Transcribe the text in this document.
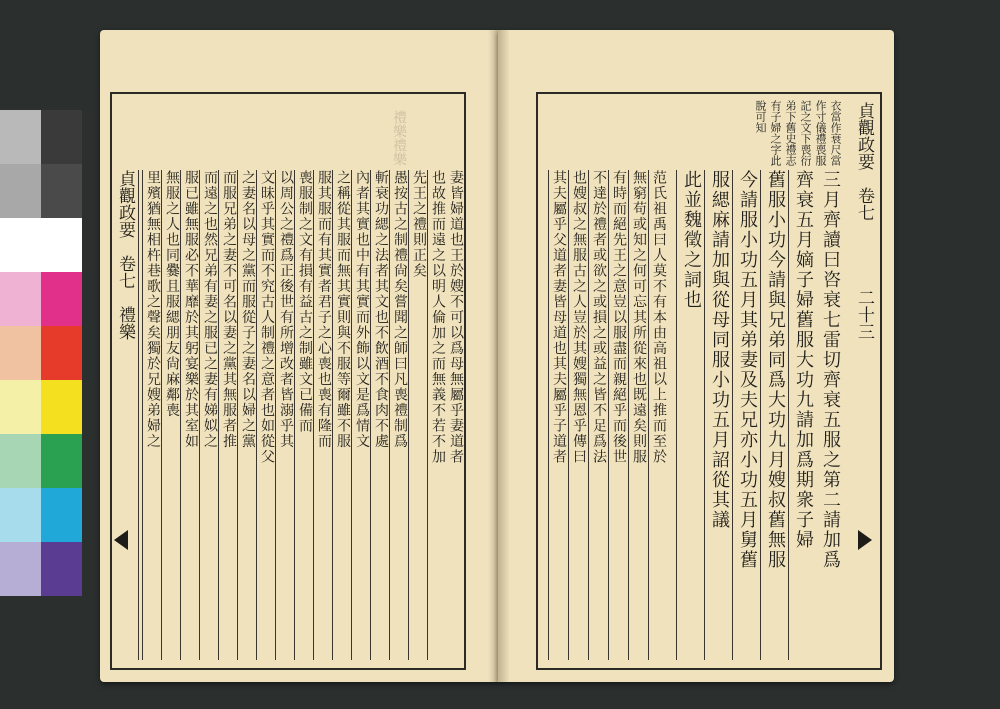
禮樂禮樂
貞觀政要　卷七　禮樂	妻皆婦道也王於嫂不可以爲母無屬乎妻道者
也故推而遠之以明人倫加之而無義不若不加
先王之禮則正矣
愚按古之制禮尙矣嘗聞之師曰凡喪禮制爲
斬衰功緦之法者其文也不飲酒不食肉不處
內者其實也中有其實而外飾以文是爲情文
之稱從其服而無其實則與不服等爾雖不服
服其服而有其實者君子之心喪也喪有隆而
喪服制之文有損有益古之制雖文已備而
以周公之禮爲正後世有所增改者皆溺乎其
文昧乎其實而不究古人制禮之意者也如從父
之妻名以母之黨而服從子之妻名以婦之黨
而服兄弟之妻不可名以妻之黨其無服者推
而遠之也然兄弟有妻之服已之妻有娣姒之
服已雖無服必不華靡於其躬宴樂於其室如
無服之人也同爨且服緦朋友尙麻鄰喪
里殯猶無相杵巷歌之聲矣獨於兄嫂弟婦之
衣當作衰尺當
作寸儀禮喪服
記之文下喪衍
弟下舊史禮志
有子婦之字此
脫可知	貞觀政要　卷七　　　　二十三
三月齊讀曰咨衰七雷切齊衰五服之第二請加爲
齊衰五月嫡子婦舊服大功九請加爲期衆子婦
舊服小功今請與兄弟同爲大功九月嫂叔舊無服
今請服小功五月其弟妻及夫兄亦小功五月舅舊
服緦麻請加與從母同服小功五月詔從其議
此並魏徵之詞也
范氏祖禹曰人莫不有本由高祖以上推而至於
無窮苟或知之何可忘其所從來也既遠矣則服
有時而絕先王之意豈以服盡而親絕乎而後世
不達於禮者或欲之或損之或益之皆不足爲法
也嫂叔之無服古之人豈於其嫂獨無恩乎傳曰
其夫屬乎父道者妻皆母道也其夫屬乎子道者
